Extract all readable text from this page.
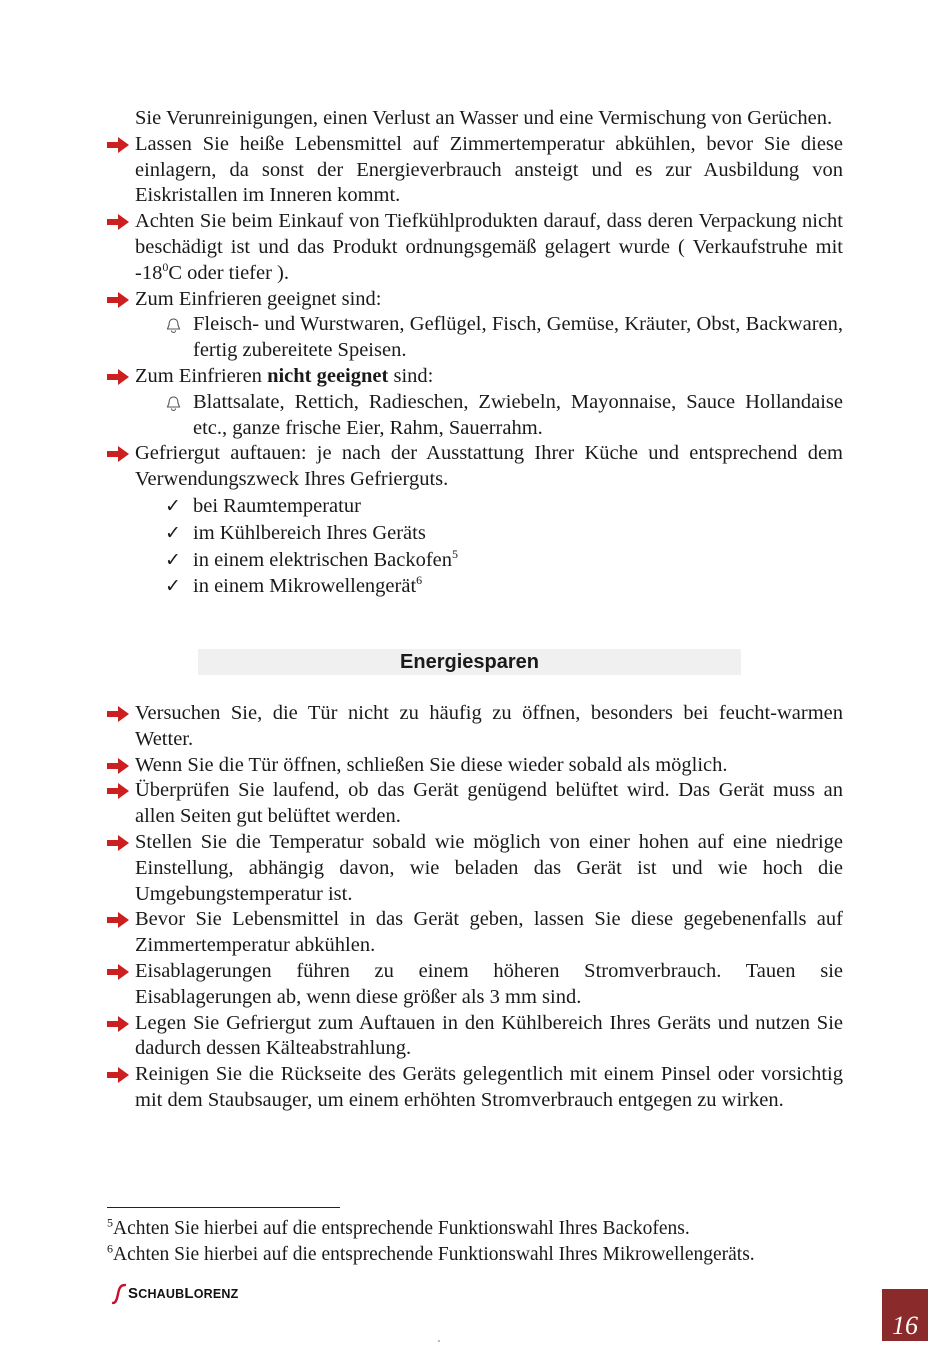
Sie Verunreinigungen, einen Verlust an Wasser und eine Vermischung von Gerüchen.

Lassen Sie heiße Lebensmittel auf Zimmertemperatur abkühlen, bevor Sie diese einlagern, da sonst der Energieverbrauch ansteigt und es zur Ausbildung von Eiskristallen im Inneren kommt.

Achten Sie beim Einkauf von Tiefkühlprodukten darauf, dass deren Verpackung nicht beschädigt ist und das Produkt ordnungsgemäß gelagert wurde ( Verkaufstruhe mit $-18^0C$ oder tiefer ).

Zum Einfrieren geeignet sind:

Fleisch- und Wurstwaren, Geflügel, Fisch, Gemüse, Kräuter, Obst, Backwaren, fertig zubereitete Speisen.

Zum Einfrieren nicht geeignet sind:

Blattsalate, Rettich, Radieschen, Zwiebeln, Mayonnaise, Sauce Hollandaise etc., ganze frische Eier, Rahm, Sauerrahm.

Gefriergut auftauen: je nach der Ausstattung Ihrer Küche und entsprechend dem Verwendungszweck Ihres Gefrierguts.

✓ bei Raumtemperatur

✓ im Kühlbereich Ihres Geräts

✓ in einem elektrischen Backofen$^5$

✓ in einem Mikrowellengerät$^6$

Energiesparen

Versuchen Sie, die Tür nicht zu häufig zu öffnen, besonders bei feucht-warmen Wetter.

Wenn Sie die Tür öffnen, schließen Sie diese wieder sobald als möglich.

Überprüfen Sie laufend, ob das Gerät genügend belüftet wird. Das Gerät muss an allen Seiten gut belüftet werden.

Stellen Sie die Temperatur sobald wie möglich von einer hohen auf eine niedrige Einstellung, abhängig davon, wie beladen das Gerät ist und wie hoch die Umgebungstemperatur ist.

Bevor Sie Lebensmittel in das Gerät geben, lassen Sie diese gegebenenfalls auf Zimmertemperatur abkühlen.

Eisablagerungen führen zu einem höheren Stromverbrauch. Tauen sie Eisablagerungen ab, wenn diese größer als 3 mm sind.

Legen Sie Gefriergut zum Auftauen in den Kühlbereich Ihres Geräts und nutzen Sie dadurch dessen Kälteabstrahlung.

Reinigen Sie die Rückseite des Geräts gelegentlich mit einem Pinsel oder vorsichtig mit dem Staubsauger, um einem erhöhten Stromverbrauch entgegen zu wirken.

$^5$Achten Sie hierbei auf die entsprechende Funktionswahl Ihres Backofens.
$^6$Achten Sie hierbei auf die entsprechende Funktionswahl Ihres Mikrowellengeräts.
SCHAUBLORENZ
16
